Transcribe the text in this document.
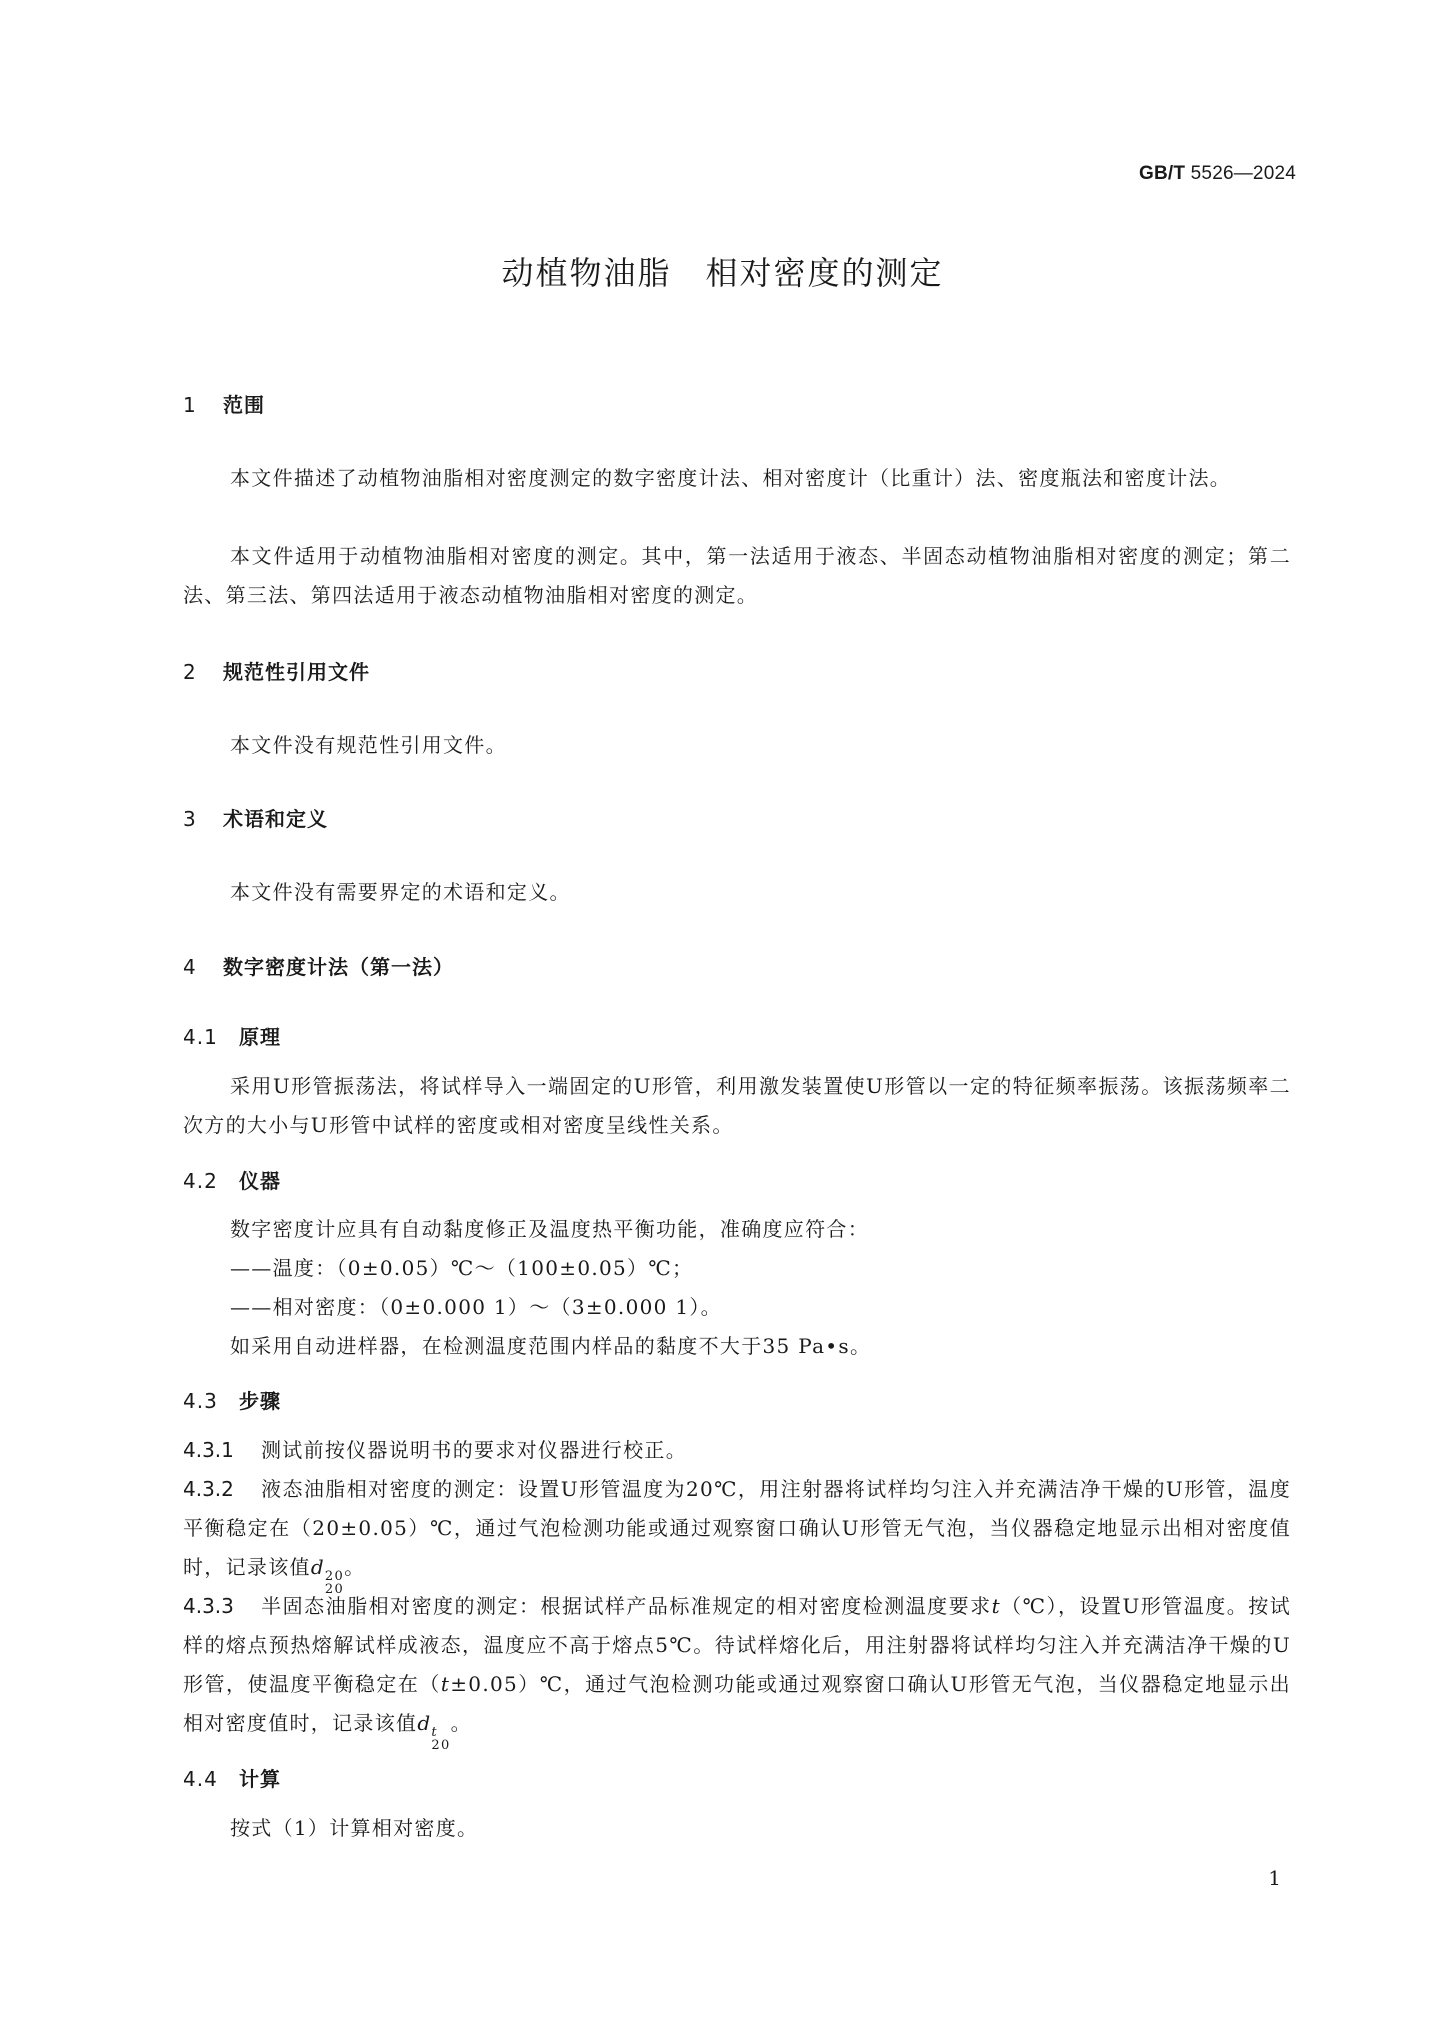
GB/T 5526—2024
动植物油脂　相对密度的测定
1 范围
本文件描述了动植物油脂相对密度测定的数字密度计法、相对密度计（比重计）法、密度瓶法和密度计法。
本文件适用于动植物油脂相对密度的测定。其中，第一法适用于液态、半固态动植物油脂相对密度的测定；第二法、第三法、第四法适用于液态动植物油脂相对密度的测定。
2 规范性引用文件
本文件没有规范性引用文件。
3 术语和定义
本文件没有需要界定的术语和定义。
4 数字密度计法（第一法）
4.1 原理
采用U形管振荡法，将试样导入一端固定的U形管，利用激发装置使U形管以一定的特征频率振荡。该振荡频率二次方的大小与U形管中试样的密度或相对密度呈线性关系。
4.2 仪器
数字密度计应具有自动黏度修正及温度热平衡功能，准确度应符合：
——温度：（0±0.05）℃～（100±0.05）℃；
——相对密度：（0±0.000 1）～（3±0.000 1）。
如采用自动进样器，在检测温度范围内样品的黏度不大于35 Pa•s。
4.3 步骤
4.3.1 测试前按仪器说明书的要求对仪器进行校正。
4.3.2 液态油脂相对密度的测定：设置U形管温度为20℃，用注射器将试样均匀注入并充满洁净干燥的U形管，温度平衡稳定在（20±0.05）℃，通过气泡检测功能或通过观察窗口确认U形管无气泡，当仪器稳定地显示出相对密度值时，记录该值d 20
20
。
4.3.3 半固态油脂相对密度的测定：根据试样产品标准规定的相对密度检测温度要求t（℃），设置U形管温度。按试样的熔点预热熔解试样成液态，温度应不高于熔点5℃。待试样熔化后，用注射器将试样均匀注入并充满洁净干燥的U形管，使温度平衡稳定在（t±0.05）℃，通过气泡检测功能或通过观察窗口确认U形管无气泡，当仪器稳定地显示出相对密度值时，记录该值d t
20
。
4.4 计算
按式（1）计算相对密度。
1
